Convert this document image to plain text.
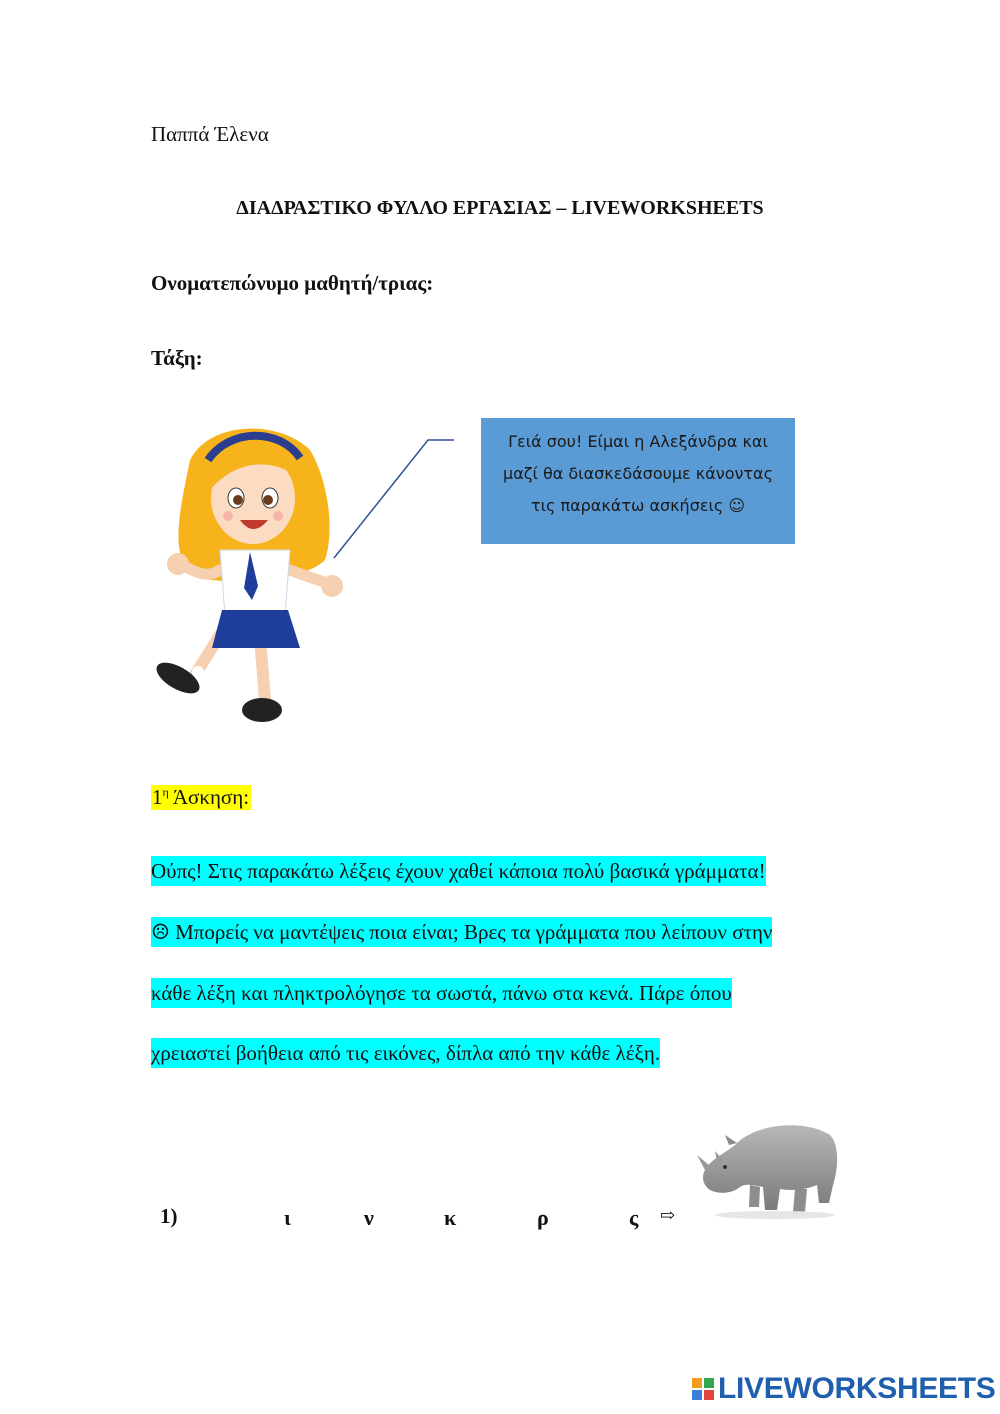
Παππά Έλενα
ΔΙΑΔΡΑΣΤΙΚΟ ΦΥΛΛΟ ΕΡΓΑΣΙΑΣ – LIVEWORKSHEETS
Ονοματεπώνυμο μαθητή/τριας:
Τάξη:
Γειά σου! Είμαι η Αλεξάνδρα και
μαζί θα διασκεδάσουμε κάνοντας
τις παρακάτω ασκήσεις ☺
$1^\eta$ Άσκηση:
Ούπς! Στις παρακάτω λέξεις έχουν χαθεί κάποια πολύ βασικά γράμματα!
☹ Μπορείς να μαντέψεις ποια είναι; Βρες τα γράμματα που λείπουν στην
κάθε λέξη και πληκτρολόγησε τα σωστά, πάνω στα κενά. Πάρε όπου
χρειαστεί βοήθεια από τις εικόνες, δίπλα από την κάθε λέξη.
1)	ι	ν	κ	ρ	ς ⇨
LIVEWORKSHEETS
